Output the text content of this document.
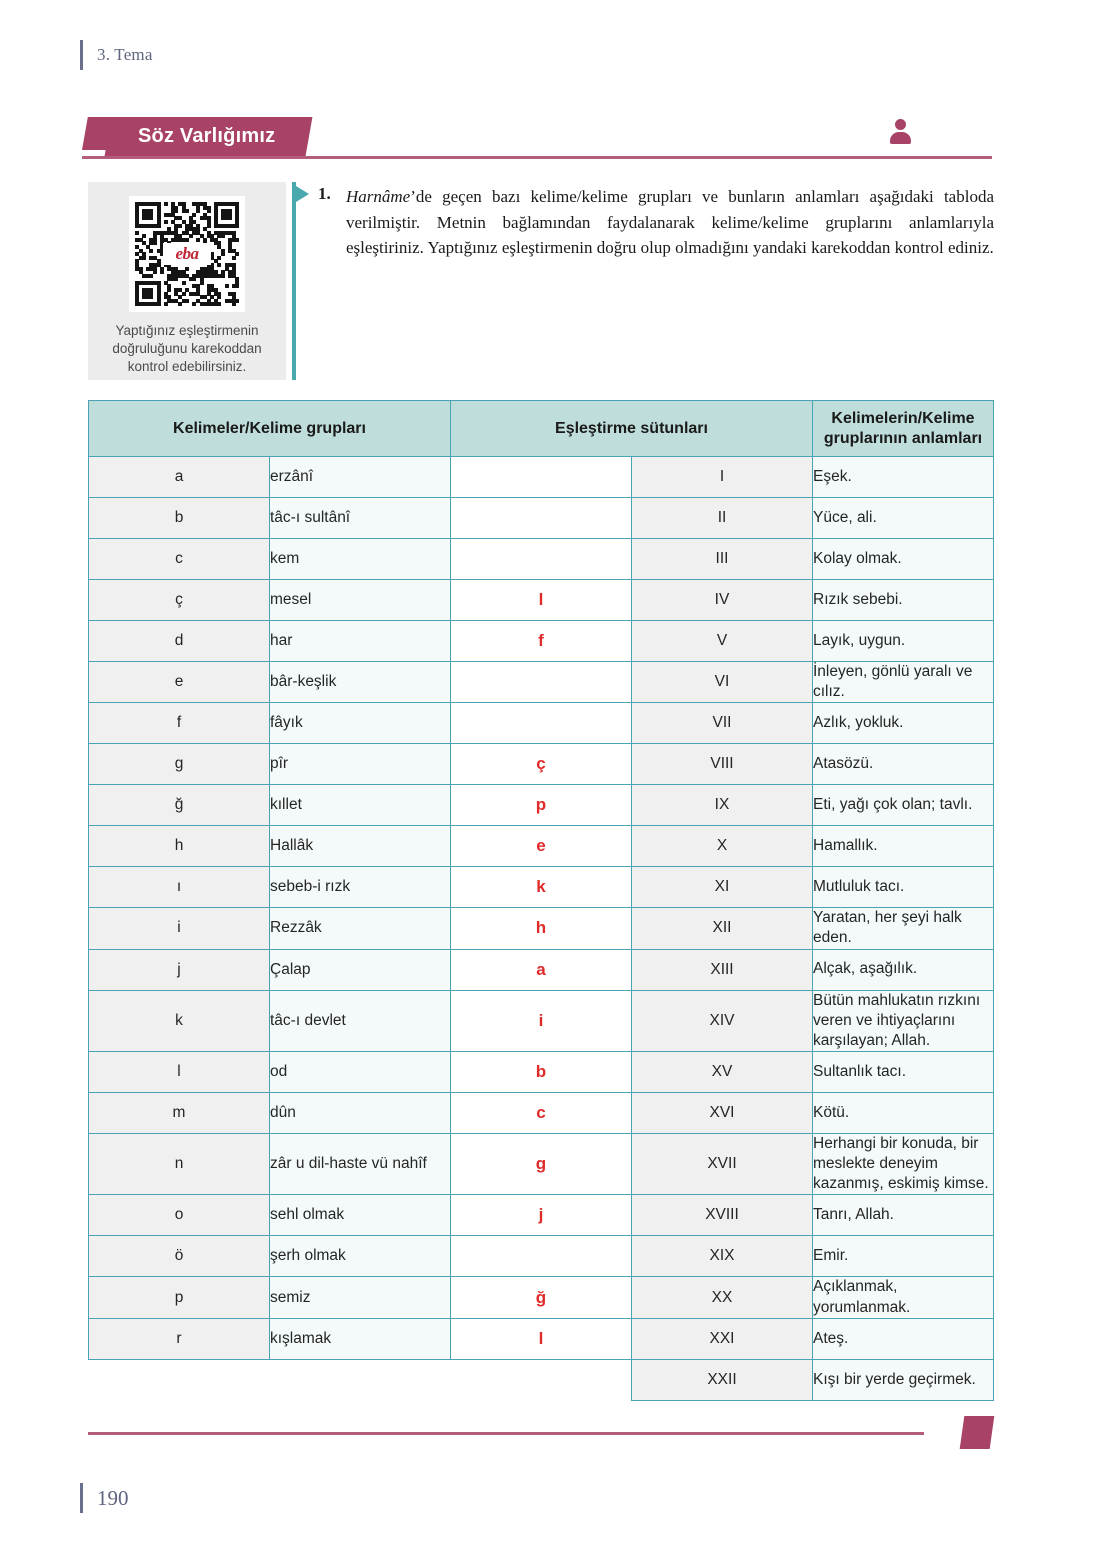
3. Tema
Söz Varlığımız
eba
Yaptığınız eşleştirmenin doğruluğunu karekoddan kontrol edebilirsiniz.
1. Harnâme’de geçen bazı kelime/kelime grupları ve bunların anlamları aşağıdaki tabloda verilmiştir. Metnin bağlamından faydalanarak kelime/kelime gruplarını anlamlarıyla eşleştiriniz. Yaptığınız eşleştirmenin doğru olup olmadığını yandaki karekoddan kontrol ediniz.
Kelimeler/Kelime grupları		Eşleştirme sütunları		Kelimelerin/Kelime gruplarının anlamları
a	erzânî		I	Eşek.
b	tâc-ı sultânî		II	Yüce, ali.
c	kem		III	Kolay olmak.
ç	mesel	l	IV	Rızık sebebi.
d	har	f	V	Layık, uygun.
e	bâr-keşlik		VI	İnleyen, gönlü yaralı ve cılız.
f	fâyık		VII	Azlık, yokluk.
g	pîr	ç	VIII	Atasözü.
ğ	kıllet	p	IX	Eti, yağı çok olan; tavlı.
h	Hallâk	e	X	Hamallık.
ı	sebeb-i rızk	k	XI	Mutluluk tacı.
i	Rezzâk	h	XII	Yaratan, her şeyi halk eden.
j	Çalap	a	XIII	Alçak, aşağılık.
k	tâc-ı devlet	i	XIV	Bütün mahlukatın rızkını veren ve ihtiyaçlarını karşılayan; Allah.
l	od	b	XV	Sultanlık tacı.
m	dûn	c	XVI	Kötü.
n	zâr u dil-haste vü nahîf	g	XVII	Herhangi bir konuda, bir meslekte deneyim kazanmış, eskimiş kimse.
o	sehl olmak	j	XVIII	Tanrı, Allah.
ö	şerh olmak		XIX	Emir.
p	semiz	ğ	XX	Açıklanmak, yorumlanmak.
r	kışlamak	l	XXI	Ateş.
			XXII	Kışı bir yerde geçirmek.
190
